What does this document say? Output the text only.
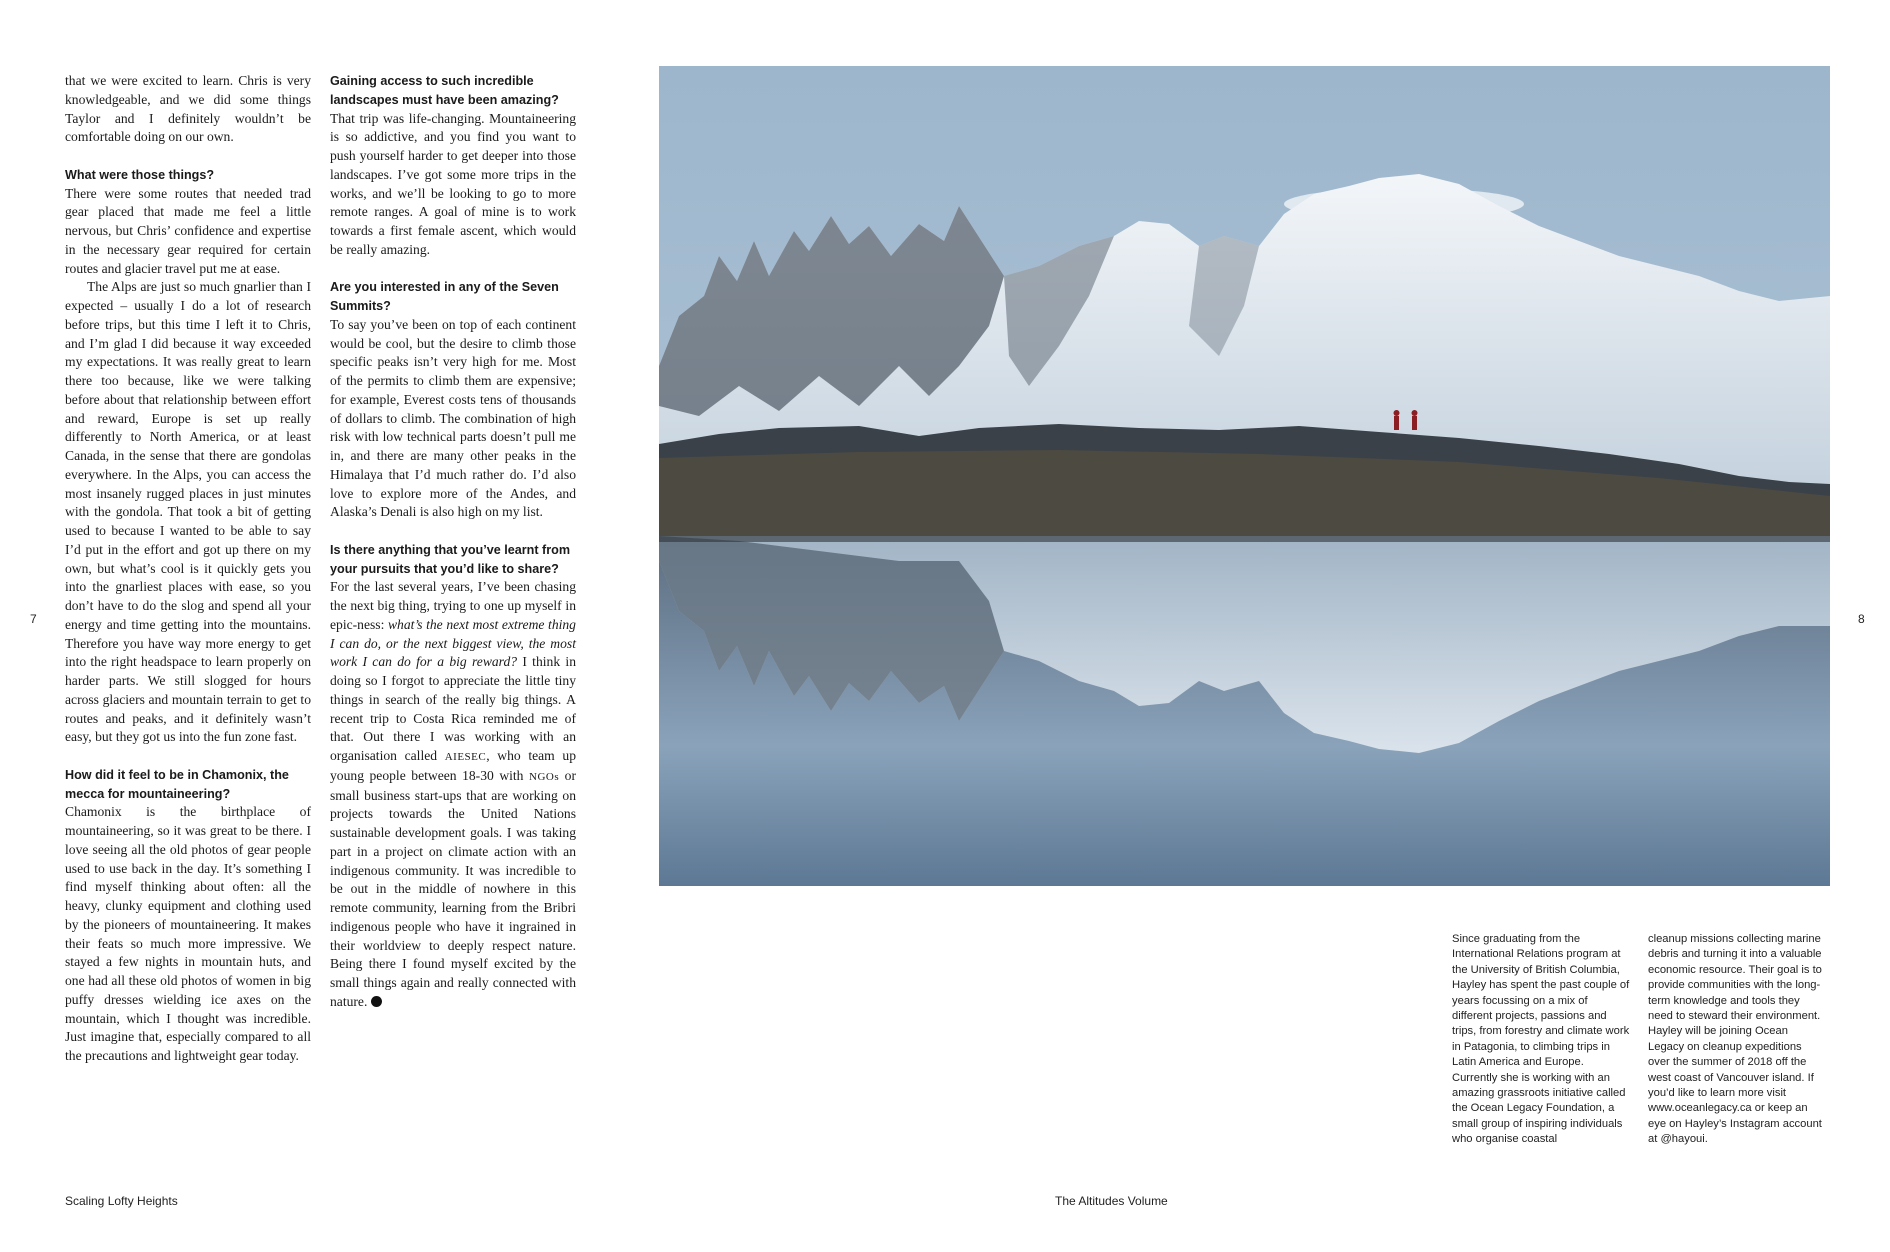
that we were excited to learn. Chris is very knowledgeable, and we did some things Taylor and I definitely wouldn’t be comfortable doing on our own.

What were those things?

There were some routes that needed trad gear placed that made me feel a little nervous, but Chris’ confidence and expertise in the necessary gear required for certain routes and glacier travel put me at ease.

The Alps are just so much gnarlier than I expected – usually I do a lot of research before trips, but this time I left it to Chris, and I’m glad I did because it way exceeded my expectations. It was really great to learn there too because, like we were talking before about that relationship between effort and reward, Europe is set up really differently to North America, or at least Canada, in the sense that there are gondolas everywhere. In the Alps, you can access the most insanely rugged places in just minutes with the gondola. That took a bit of getting used to because I wanted to be able to say I’d put in the effort and got up there on my own, but what’s cool is it quickly gets you into the gnarliest places with ease, so you don’t have to do the slog and spend all your energy and time getting into the mountains. Therefore you have way more energy to get into the right headspace to learn properly on harder parts. We still slogged for hours across glaciers and mountain terrain to get to routes and peaks, and it definitely wasn’t easy, but they got us into the fun zone fast.

How did it feel to be in Chamonix, the mecca for mountaineering?

Chamonix is the birthplace of mountaineering, so it was great to be there. I love seeing all the old photos of gear people used to use back in the day. It’s something I find myself thinking about often: all the heavy, clunky equipment and clothing used by the pioneers of mountaineering. It makes their feats so much more impressive. We stayed a few nights in mountain huts, and one had all these old photos of women in big puffy dresses wielding ice axes on the mountain, which I thought was incredible. Just imagine that, especially compared to all the precautions and lightweight gear today.

Gaining access to such incredible landscapes must have been amazing?

That trip was life-changing. Mountaineering is so addictive, and you find you want to push yourself harder to get deeper into those landscapes. I’ve got some more trips in the works, and we’ll be looking to go to more remote ranges. A goal of mine is to work towards a first female ascent, which would be really amazing.

Are you interested in any of the Seven Summits?

To say you’ve been on top of each continent would be cool, but the desire to climb those specific peaks isn’t very high for me. Most of the permits to climb them are expensive; for example, Everest costs tens of thousands of dollars to climb. The combination of high risk with low technical parts doesn’t pull me in, and there are many other peaks in the Himalaya that I’d much rather do. I’d also love to explore more of the Andes, and Alaska’s Denali is also high on my list.

Is there anything that you’ve learnt from your pursuits that you’d like to share?

For the last several years, I’ve been chasing the next big thing, trying to one up myself in epic-ness: what’s the next most extreme thing I can do, or the next biggest view, the most work I can do for a big reward? I think in doing so I forgot to appreciate the little tiny things in search of the really big things. A recent trip to Costa Rica reminded me of that. Out there I was working with an organisation called AIESEC, who team up young people between 18-30 with NGOs or small business start-ups that are working on projects towards the United Nations sustainable development goals. I was taking part in a project on climate action with an indigenous community. It was incredible to be out in the middle of nowhere in this remote community, learning from the Bribri indigenous people who have it ingrained in their worldview to deeply respect nature. Being there I found myself excited by the small things again and really connected with nature.

7	8
Since graduating from the International Relations program at the University of British Columbia, Hayley has spent the past couple of years focussing on a mix of different projects, passions and trips, from forestry and climate work in Patagonia, to climbing trips in Latin America and Europe. Currently she is working with an amazing grassroots initiative called the Ocean Legacy Foundation, a small group of inspiring individuals who organise coastal
cleanup missions collecting marine debris and turning it into a valuable economic resource. Their goal is to provide communities with the long-term knowledge and tools they need to steward their environment. Hayley will be joining Ocean Legacy on cleanup expeditions over the summer of 2018 off the west coast of Vancouver island. If you’d like to learn more visit www.oceanlegacy.ca or keep an eye on Hayley’s Instagram account at @hayoui.
Scaling Lofty Heights	The Altitudes Volume
